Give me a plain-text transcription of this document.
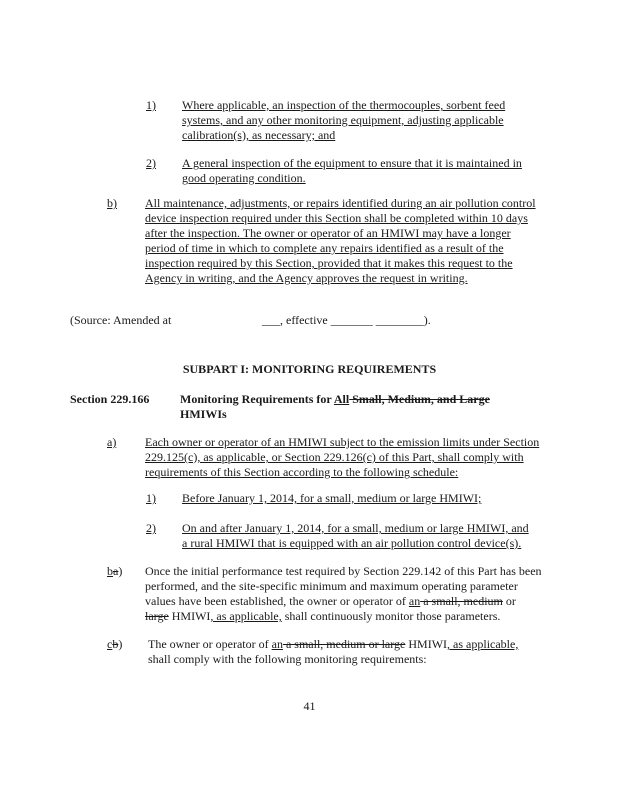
1) Where applicable, an inspection of the thermocouples, sorbent feed
systems, and any other monitoring equipment, adjusting applicable
calibration(s), as necessary; and
2) A general inspection of the equipment to ensure that it is maintained in
good operating condition.
b) All maintenance, adjustments, or repairs identified during an air pollution control
device inspection required under this Section shall be completed within 10 days
after the inspection. The owner or operator of an HMIWI may have a longer
period of time in which to complete any repairs identified as a result of the
inspection required by this Section, provided that it makes this request to the
Agency in writing, and the Agency approves the request in writing.
(Source: Amended at	___, effective _______ ________).
SUBPART I: MONITORING REQUIREMENTS
Section 229.166	Monitoring Requirements for All Small, Medium, and Large
HMIWIs
a) Each owner or operator of an HMIWI subject to the emission limits under Section
229.125(c), as applicable, or Section 229.126(c) of this Part, shall comply with
requirements of this Section according to the following schedule:
1) Before January 1, 2014, for a small, medium or large HMIWI;
2) On and after January 1, 2014, for a small, medium or large HMIWI, and
a rural HMIWI that is equipped with an air pollution control device(s).
ba) Once the initial performance test required by Section 229.142 of this Part has been
performed, and the site-specific minimum and maximum operating parameter
values have been established, the owner or operator of an a small, medium or
large HMIWI, as applicable, shall continuously monitor those parameters.
cb) The owner or operator of an a small, medium or large HMIWI, as applicable,
shall comply with the following monitoring requirements:
41
